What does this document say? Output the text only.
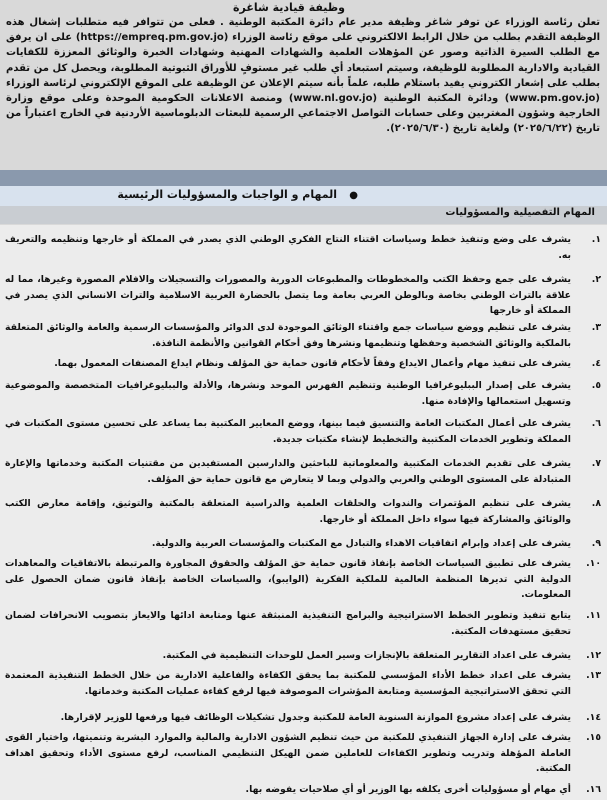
وظيفة قيادية شاغرة

تعلن رئاسة الوزراء عن توفر شاغر وظيفة مدير عام دائرة المكتبة الوطنية . فعلى من تتوافر فيه متطلبات إشغال هذه الوظيفة التقدم بطلب من خلال الرابط الالكتروني على موقع رئاسة الوزراء (https://empreq.pm.gov.jo) على ان يرفق مع الطلب السيرة الذاتية وصور عن المؤهلات العلمية والشهادات المهنية وشهادات الخبرة والوثائق المعززة للكفايات القيادية والادارية المطلوبة للوظيفة، وسيتم استبعاد أي طلب غير مستوفٍ للأوراق الثبوتية المطلوبة، ويحصل كل من تقدم بطلب على إشعار الكتروني يفيد باستلام طلبه، علماً بأنه سيتم الإعلان عن الوظيفة على الموقع الإلكتروني لرئاسة الوزراء (www.pm.gov.jo) ودائرة المكتبة الوطنية (www.nl.gov.jo) ومنصة الاعلانات الحكومية الموحدة وعلى موقع وزارة الخارجية وشؤون المغتربين وعلى حسابات التواصل الاجتماعي الرسمية للبعثات الدبلوماسية الأردنية في الخارج اعتباراً من تاريخ (٢٠٢٥/٦/٢٢) ولغاية تاريخ (٢٠٢٥/٦/٣٠).

●
المهام و الواجبات والمسؤوليات الرئيسية
المهام التفصيلية والمسؤوليات
١.
يشرف على وضع وتنفيذ خطط وسياسات اقتناء النتاج الفكري الوطني الذي يصدر في المملكة أو خارجها وتنظيمه والتعريف به.
٢.
يشرف على جمع وحفظ الكتب والمخطوطات والمطبوعات الدورية والمصورات والتسجيلات والافلام المصورة وغيرها، مما له علاقة بالتراث الوطني بخاصة وبالوطن العربي بعامة وما يتصل بالحضارة العربية الاسلامية والتراث الانساني الذي يصدر في المملكة أو خارجها
٣.
يشرف على تنظيم ووضع سياسات جمع واقتناء الوثائق الموجودة لدى الدوائر والمؤسسات الرسمية والعامة والوثائق المتعلقة بالملكية والوثائق الشخصية وحفظها وتنظيمها ونشرها وفق أحكام القوانين والأنظمة النافذة.
٤.
يشرف على تنفيذ مهام وأعمال الايداع وفقاً لأحكام قانون حماية حق المؤلف ونظام ايداع المصنفات المعمول بهما.
٥.
يشرف على إصدار الببليوغرافيا الوطنية وتنظيم الفهرس الموحد ونشرها، والأدلة والببليوغرافيات المتخصصة والموضوعية وتسهيل استعمالها والإفادة منها.
٦.
يشرف على أعمال المكتبات العامة والتنسيق فيما بينها، ووضع المعايير المكتبية بما يساعد على تحسين مستوى المكتبات في المملكة وتطوير الخدمات المكتبية والتخطيط لإنشاء مكتبات جديدة.
٧.
يشرف على تقديم الخدمات المكتبية والمعلوماتية للباحثين والدارسين المستفيدين من مقتنيات المكتبة وخدماتها والإعارة المتبادلة على المستوى الوطني والعربي والدولي وبما لا يتعارض مع قانون حماية حق المؤلف.
٨.
يشرف على تنظيم المؤتمرات والندوات والحلقات العلمية والدراسية المتعلقة بالمكتبة والتوثيق، وإقامة معارض الكتب والوثائق والمشاركة فيها سواء داخل المملكة أو خارجها.
٩.
يشرف على إعداد وإبرام اتفاقيات الاهداء والتبادل مع المكتبات والمؤسسات العربية والدولية.
١٠.
يشرف على تطبيق السياسات الخاصة بإنفاذ قانون حماية حق المؤلف والحقوق المجاورة والمرتبطة بالاتفاقيات والمعاهدات الدولية التي تديرها المنظمة العالمية للملكية الفكرية (الوايبو)، والسياسات الخاصة بإنفاذ قانون ضمان الحصول على المعلومات.
١١.
يتابع تنفيذ وتطوير الخطط الاستراتيجية والبرامج التنفيذية المنبثقة عنها ومتابعة ادائها والايعاز بتصويب الانحرافات لضمان تحقيق مستهدفات المكتبة.
١٢.
يشرف على اعداد التقارير المتعلقة بالإنجازات وسير العمل للوحدات التنظيمية في المكتبة.
١٣.
يشرف على اعداد خطط الأداء المؤسسي للمكتبة بما يحقق الكفاءة والفاعلية الادارية من خلال الخطط التنفيذية المعتمدة التي تحقق الاستراتيجية المؤسسية ومتابعة المؤشرات الموصوفة فيها لرفع كفاءة عمليات المكتبة وخدماتها.
١٤.
يشرف على إعداد مشروع الموازنة السنوية العامة للمكتبة وجدول تشكيلات الوظائف فيها ورفعها للوزير لإقرارها.
١٥.
يشرف على إدارة الجهاز التنفيذي للمكتبة من حيث تنظيم الشؤون الادارية والمالية والموارد البشرية وتنميتها، واختيار القوى العاملة المؤهلة وتدريب وتطوير الكفاءات للعاملين ضمن الهيكل التنظيمي المناسب، لرفع مستوى الأداء وتحقيق اهداف المكتبة.
١٦.
أي مهام أو مسؤوليات أخرى يكلفه بها الوزير أو أي صلاحيات يفوضه بها.
